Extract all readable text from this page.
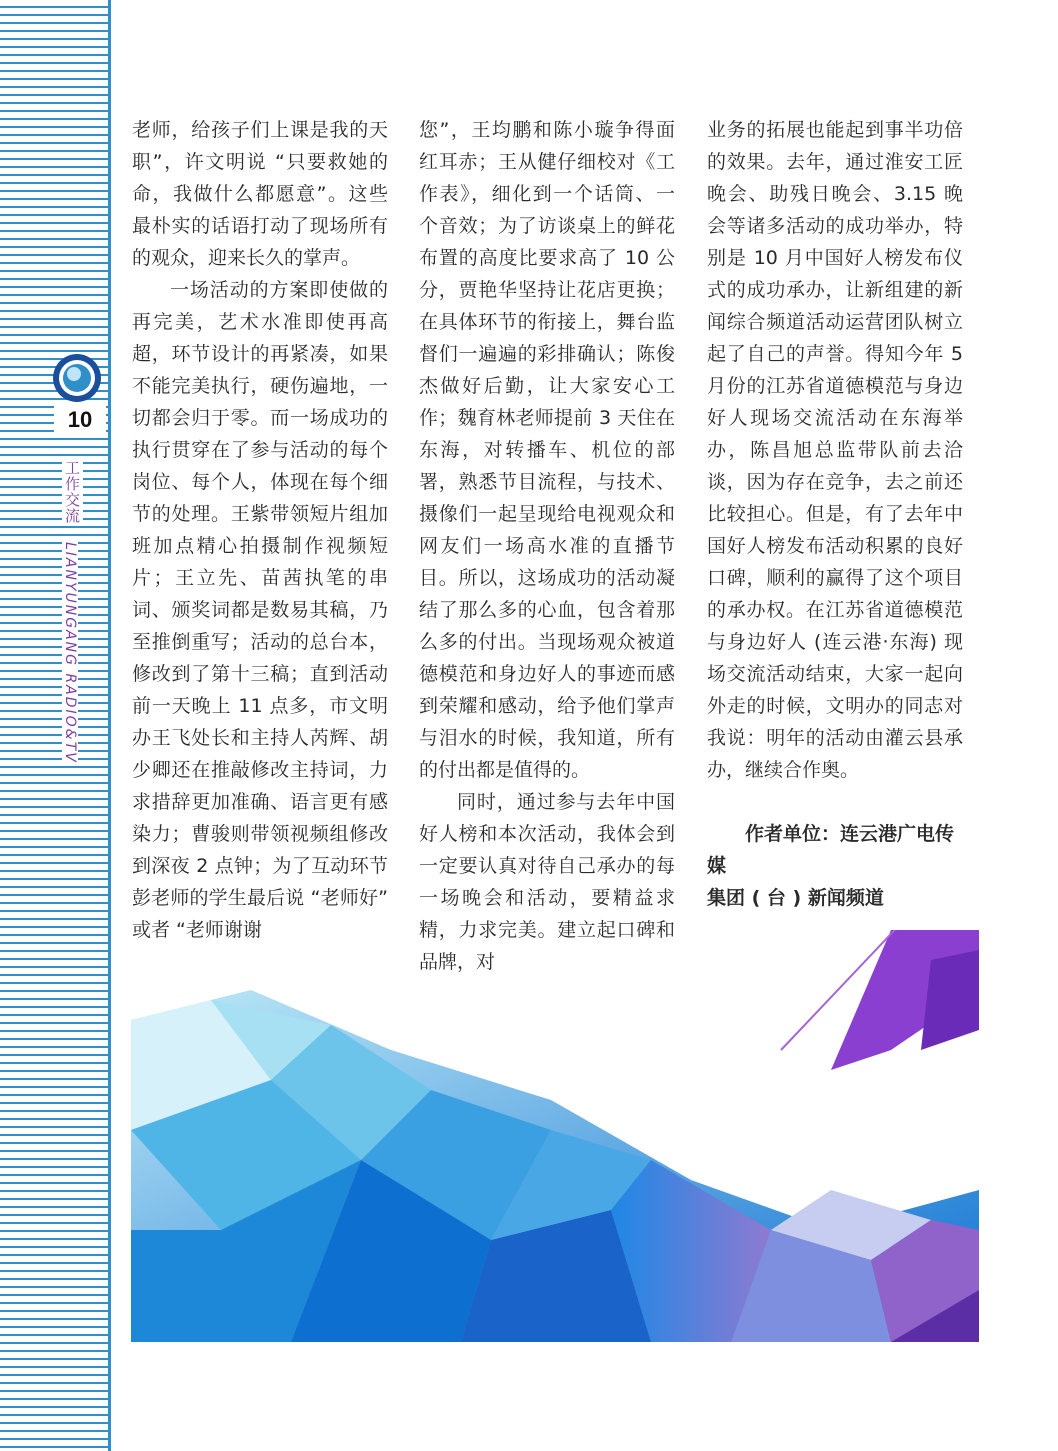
10
工作交流
LIANYUNGANG RADIO&TV

老师，给孩子们上课是我的天职”，许文明说 “只要救她的命，我做什么都愿意”。这些最朴实的话语打动了现场所有的观众，迎来长久的掌声。

一场活动的方案即使做的再完美，艺术水准即使再高超，环节设计的再紧凑，如果不能完美执行，硬伤遍地，一切都会归于零。而一场成功的执行贯穿在了参与活动的每个岗位、每个人，体现在每个细节的处理。王紫带领短片组加班加点精心拍摄制作视频短片；王立先、苗茜执笔的串词、颁奖词都是数易其稿，乃至推倒重写；活动的总台本，修改到了第十三稿；直到活动前一天晚上 11 点多，市文明办王飞处长和主持人芮辉、胡少卿还在推敲修改主持词，力求措辞更加准确、语言更有感染力；曹骏则带领视频组修改到深夜 2 点钟；为了互动环节彭老师的学生最后说 “老师好” 或者 “老师谢谢

您”，王均鹏和陈小璇争得面红耳赤；王从健仔细校对《工作表》，细化到一个话筒、一个音效；为了访谈桌上的鲜花布置的高度比要求高了 10 公分，贾艳华坚持让花店更换；在具体环节的衔接上，舞台监督们一遍遍的彩排确认；陈俊杰做好后勤，让大家安心工作；魏育林老师提前 3 天住在东海，对转播车、机位的部署，熟悉节目流程，与技术、摄像们一起呈现给电视观众和网友们一场高水准的直播节目。所以，这场成功的活动凝结了那么多的心血，包含着那么多的付出。当现场观众被道德模范和身边好人的事迹而感到荣耀和感动，给予他们掌声与泪水的时候，我知道，所有的付出都是值得的。

同时，通过参与去年中国好人榜和本次活动，我体会到一定要认真对待自己承办的每一场晚会和活动，要精益求精，力求完美。建立起口碑和品牌，对

业务的拓展也能起到事半功倍的效果。去年，通过淮安工匠晚会、助残日晚会、3.15 晚会等诸多活动的成功举办，特别是 10 月中国好人榜发布仪式的成功承办，让新组建的新闻综合频道活动运营团队树立起了自己的声誉。得知今年 5 月份的江苏省道德模范与身边好人现场交流活动在东海举办，陈昌旭总监带队前去洽谈，因为存在竞争，去之前还比较担心。但是，有了去年中国好人榜发布活动积累的良好口碑，顺利的赢得了这个项目的承办权。在江苏省道德模范与身边好人 (连云港·东海) 现场交流活动结束，大家一起向外走的时候，文明办的同志对我说：明年的活动由灌云县承办，继续合作奥。

作者单位：连云港广电传媒

集团 ( 台 ) 新闻频道
